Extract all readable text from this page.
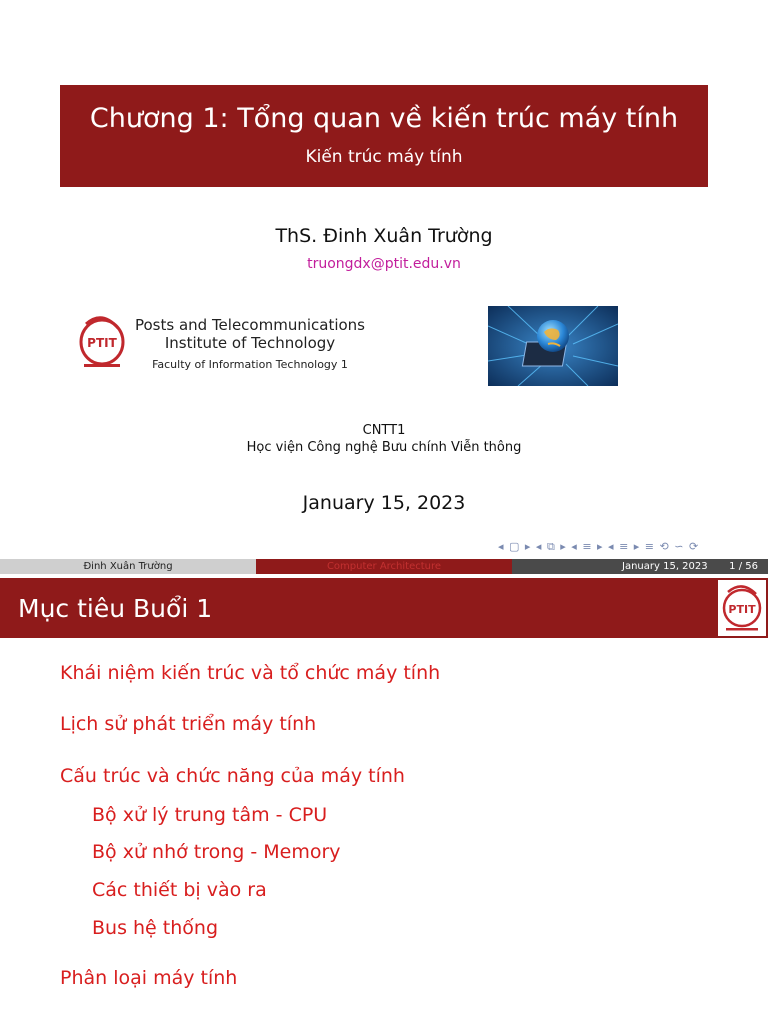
Chương 1: Tổng quan về kiến trúc máy tính
Kiến trúc máy tính
ThS. Đinh Xuân Trường
truongdx@ptit.edu.vn
PTIT
Posts and Telecommunications
Institute of Technology
Faculty of Information Technology 1
CNTT1
Học viện Công nghệ Bưu chính Viễn thông
January 15, 2023
◂ ▢ ▸ ◂ ⧉ ▸ ◂ ≡ ▸ ◂ ≡ ▸ ≡ ⟲ ∽ ⟳
Đinh Xuân Trường	Computer Architecture	January 15, 2023 1 / 56
Mục tiêu Buổi 1	PTIT
Khái niệm kiến trúc và tổ chức máy tính
Lịch sử phát triển máy tính
Cấu trúc và chức năng của máy tính
Bộ xử lý trung tâm - CPU
Bộ xử nhớ trong - Memory
Các thiết bị vào ra
Bus hệ thống
Phân loại máy tính
